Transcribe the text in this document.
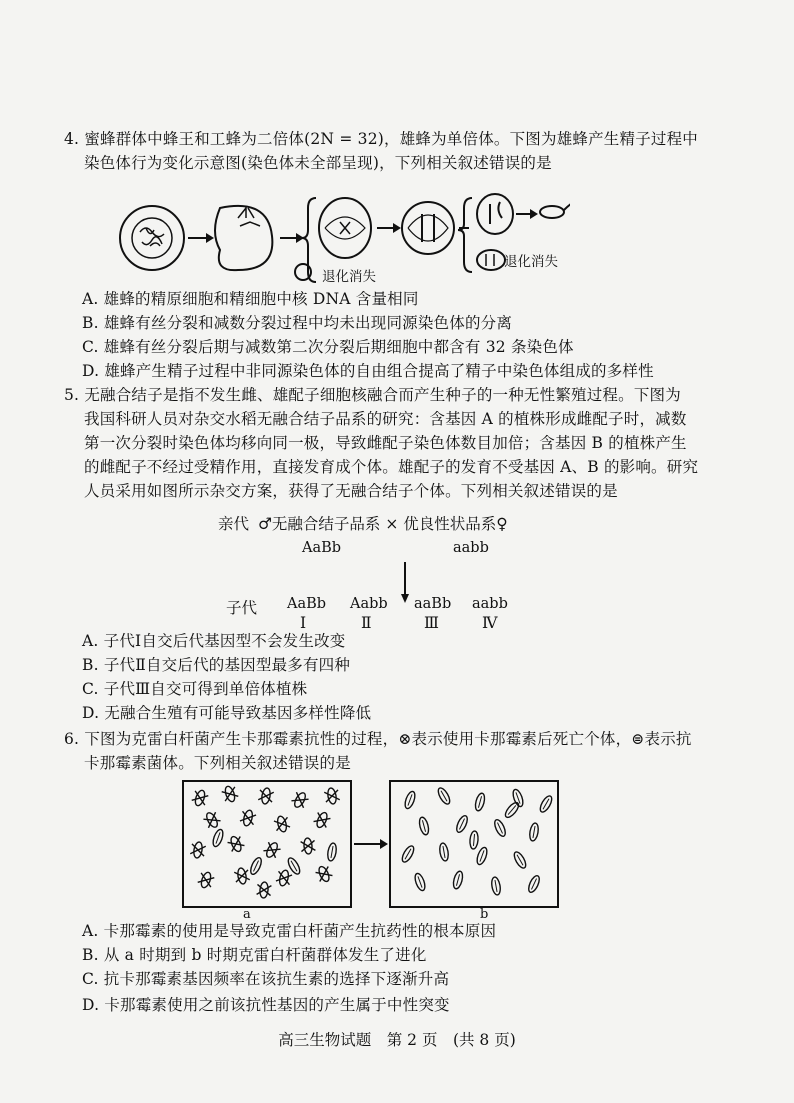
4. 蜜蜂群体中蜂王和工蜂为二倍体(2N = 32)，雄蜂为单倍体。下图为雄蜂产生精子过程中
染色体行为变化示意图(染色体未全部呈现)，下列相关叙述错误的是
退化消失
退化消失
A. 雄蜂的精原细胞和精细胞中核 DNA 含量相同
B. 雄蜂有丝分裂和减数分裂过程中均未出现同源染色体的分离
C. 雄蜂有丝分裂后期与减数第二次分裂后期细胞中都含有 32 条染色体
D. 雄蜂产生精子过程中非同源染色体的自由组合提高了精子中染色体组成的多样性
5. 无融合结子是指不发生雌、雄配子细胞核融合而产生种子的一种无性繁殖过程。下图为
我国科研人员对杂交水稻无融合结子品系的研究：含基因 A 的植株形成雌配子时，减数
第一次分裂时染色体均移向同一极，导致雌配子染色体数目加倍；含基因 B 的植株产生
的雌配子不经过受精作用，直接发育成个体。雄配子的发育不受基因 A、B 的影响。研究
人员采用如图所示杂交方案，获得了无融合结子个体。下列相关叙述错误的是
亲代 ♂无融合结子品系 × 优良性状品系♀
AaBb	aabb
子代 AaBb
Ⅰ
Aabb
Ⅱ
aaBb
Ⅲ
aabb
Ⅳ
A. 子代Ⅰ自交后代基因型不会发生改变
B. 子代Ⅱ自交后代的基因型最多有四种
C. 子代Ⅲ自交可得到单倍体植株
D. 无融合生殖有可能导致基因多样性降低
6. 下图为克雷白杆菌产生卡那霉素抗性的过程，⊗表示使用卡那霉素后死亡个体，⊜表示抗
卡那霉素菌体。下列相关叙述错误的是
a	b
A. 卡那霉素的使用是导致克雷白杆菌产生抗药性的根本原因
B. 从 a 时期到 b 时期克雷白杆菌群体发生了进化
C. 抗卡那霉素基因频率在该抗生素的选择下逐渐升高
D. 卡那霉素使用之前该抗性基因的产生属于中性突变
高三生物试题　第 2 页　(共 8 页)
